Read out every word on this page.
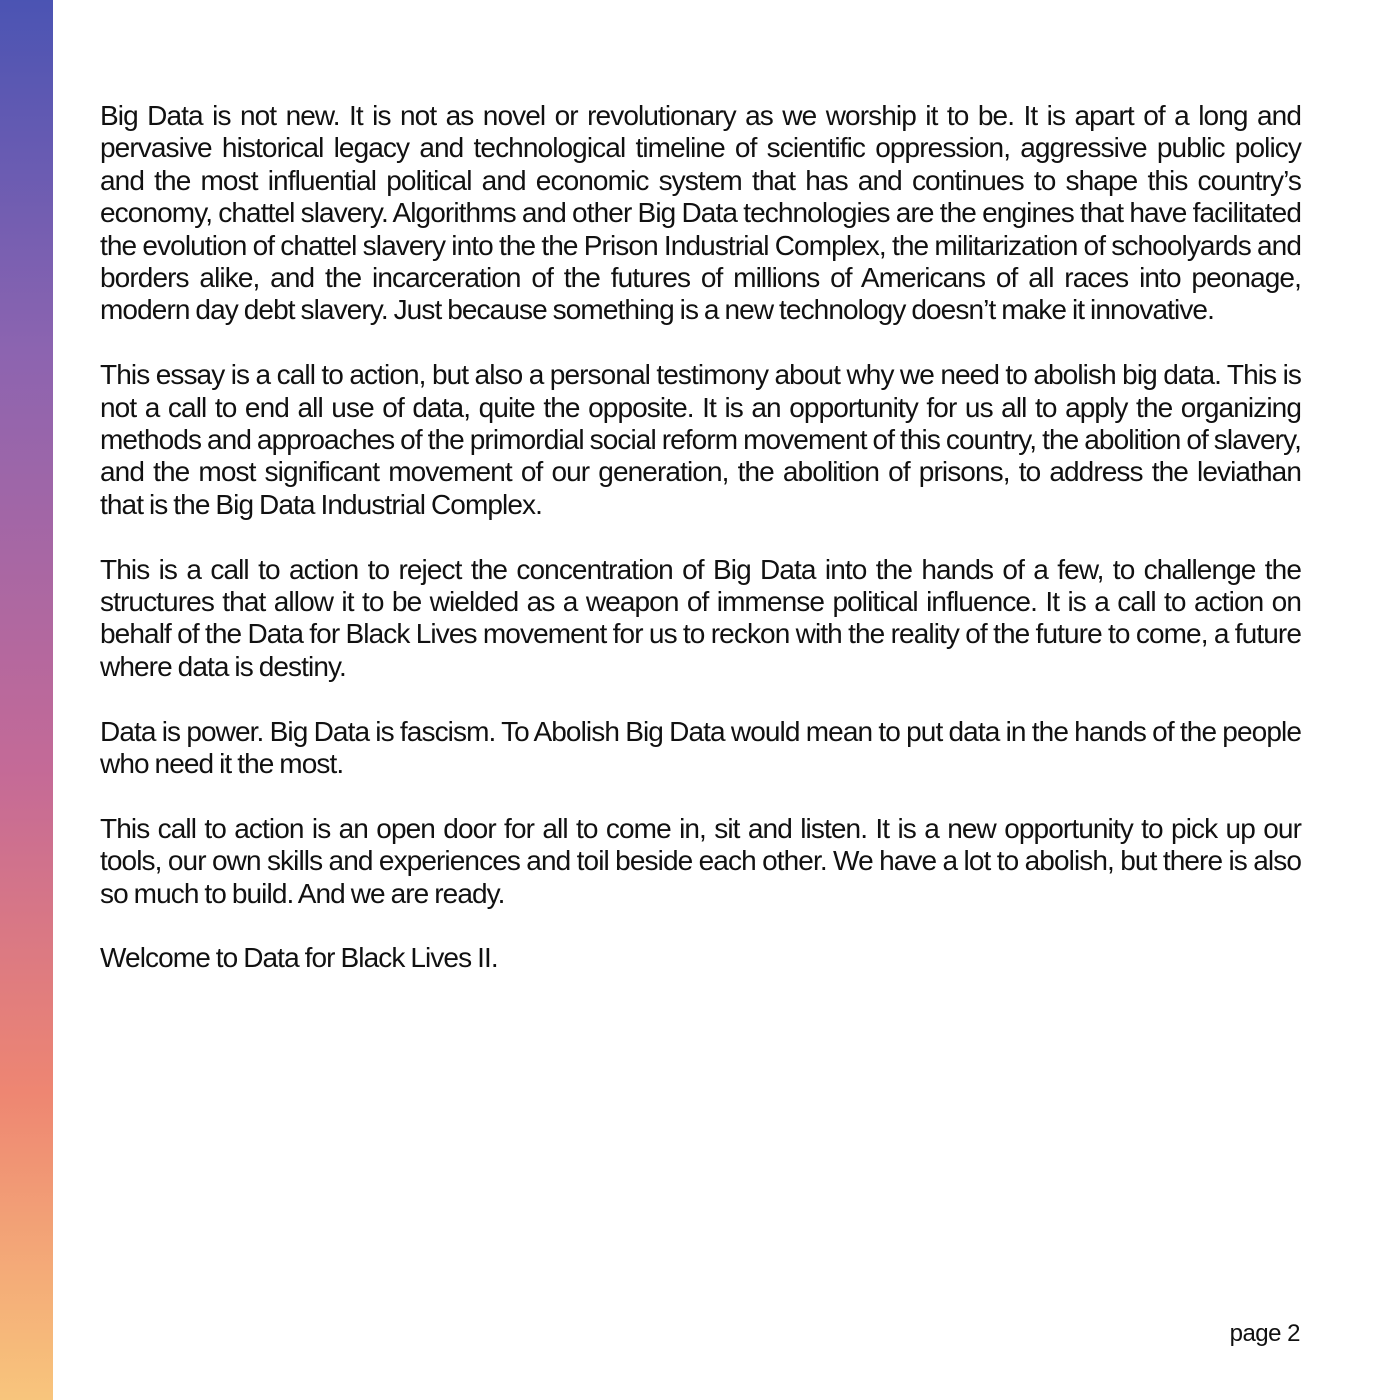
Big Data is not new. It is not as novel or revolutionary as we worship it to be. It is apart of a long and pervasive historical legacy and technological timeline of scientific oppression, aggressive public policy and the most influential political and economic system that has and continues to shape this country’s economy, chattel slavery. Algorithms and other Big Data technologies are the engines that have facilitated the evolution of chattel slavery into the the Prison Industrial Complex, the militarization of schoolyards and borders alike, and the incarceration of the futures of millions of Americans of all races into peonage, modern day debt slavery. Just because something is a new technology doesn’t make it innovative.

This essay is a call to action, but also a personal testimony about why we need to abolish big data. This is not a call to end all use of data, quite the opposite. It is an opportunity for us all to apply the organizing methods and approaches of the primordial social reform movement of this country, the abolition of slavery, and the most significant movement of our generation, the abolition of prisons, to address the leviathan that is the Big Data Industrial Complex.

This is a call to action to reject the concentration of Big Data into the hands of a few, to challenge the structures that allow it to be wielded as a weapon of immense political influence. It is a call to action on behalf of the Data for Black Lives movement for us to reckon with the reality of the future to come, a future where data is destiny.

Data is power. Big Data is fascism. To Abolish Big Data would mean to put data in the hands of the people who need it the most.

This call to action is an open door for all to come in, sit and listen. It is a new opportunity to pick up our tools, our own skills and experiences and toil beside each other. We have a lot to abolish, but there is also so much to build. And we are ready.

Welcome to Data for Black Lives II.

page 2
